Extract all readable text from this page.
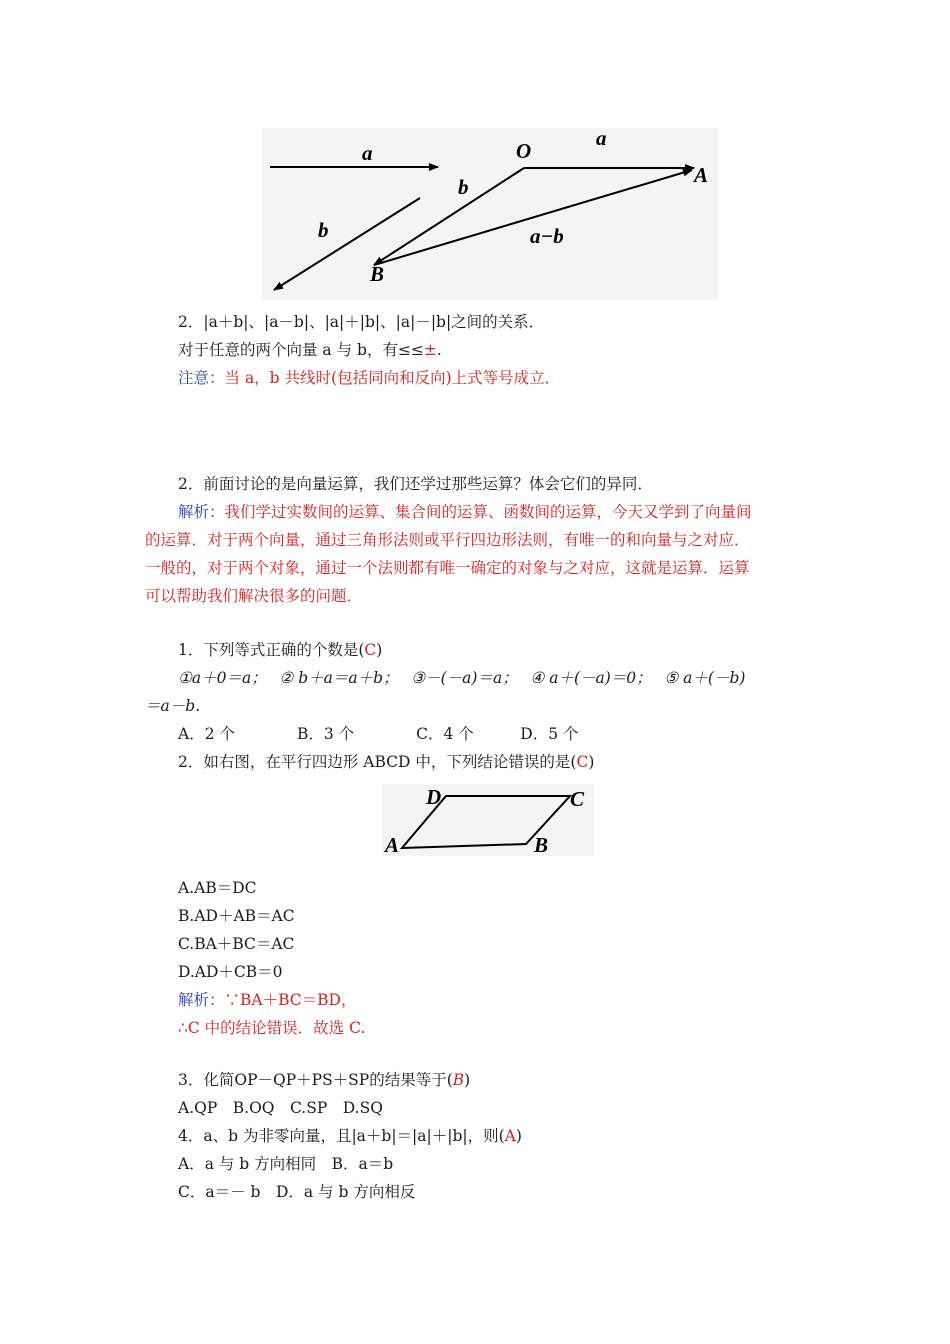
a
b
O
a
A
b
a−b
B
2．|a＋b|、|a－b|、|a|＋|b|、|a|－|b|之间的关系．
对于任意的两个向量 a 与 b，有≤≤±.
注意：当 a，b 共线时(包括同向和反向)上式等号成立．
2．前面讨论的是向量运算，我们还学过那些运算？体会它们的异同．
解析：我们学过实数间的运算、集合间的运算、函数间的运算，今天又学到了向量间
的运算．对于两个向量，通过三角形法则或平行四边形法则，有唯一的和向量与之对应．
一般的，对于两个对象，通过一个法则都有唯一确定的对象与之对应，这就是运算．运算
可以帮助我们解决很多的问题．
1．下列等式正确的个数是(C)
①a＋0＝a；　 ② b＋a＝a＋b；　 ③－(－a)＝a；　 ④ a＋(－a)＝0；　 ⑤ a＋(－b)
＝a－b.
A．2 个　　　　B．3 个　　　　C．4 个　　　D．5 个
2．如右图，在平行四边形 ABCD 中，下列结论错误的是(C)
D	C
A	B
A.AB＝DC
B.AD＋AB＝AC
C.BA＋BC＝AC
D.AD＋CB＝0
解析：∵BA＋BC＝BD，
∴C 中的结论错误．故选 C.
3．化简OP－QP＋PS＋SP的结果等于(B)
A.QP　B.OQ　C.SP　D.SQ
4．a、b 为非零向量，且|a＋b|＝|a|＋|b|，则(A)
A．a 与 b 方向相同　B．a＝b
C．a＝－ b　D．a 与 b 方向相反
